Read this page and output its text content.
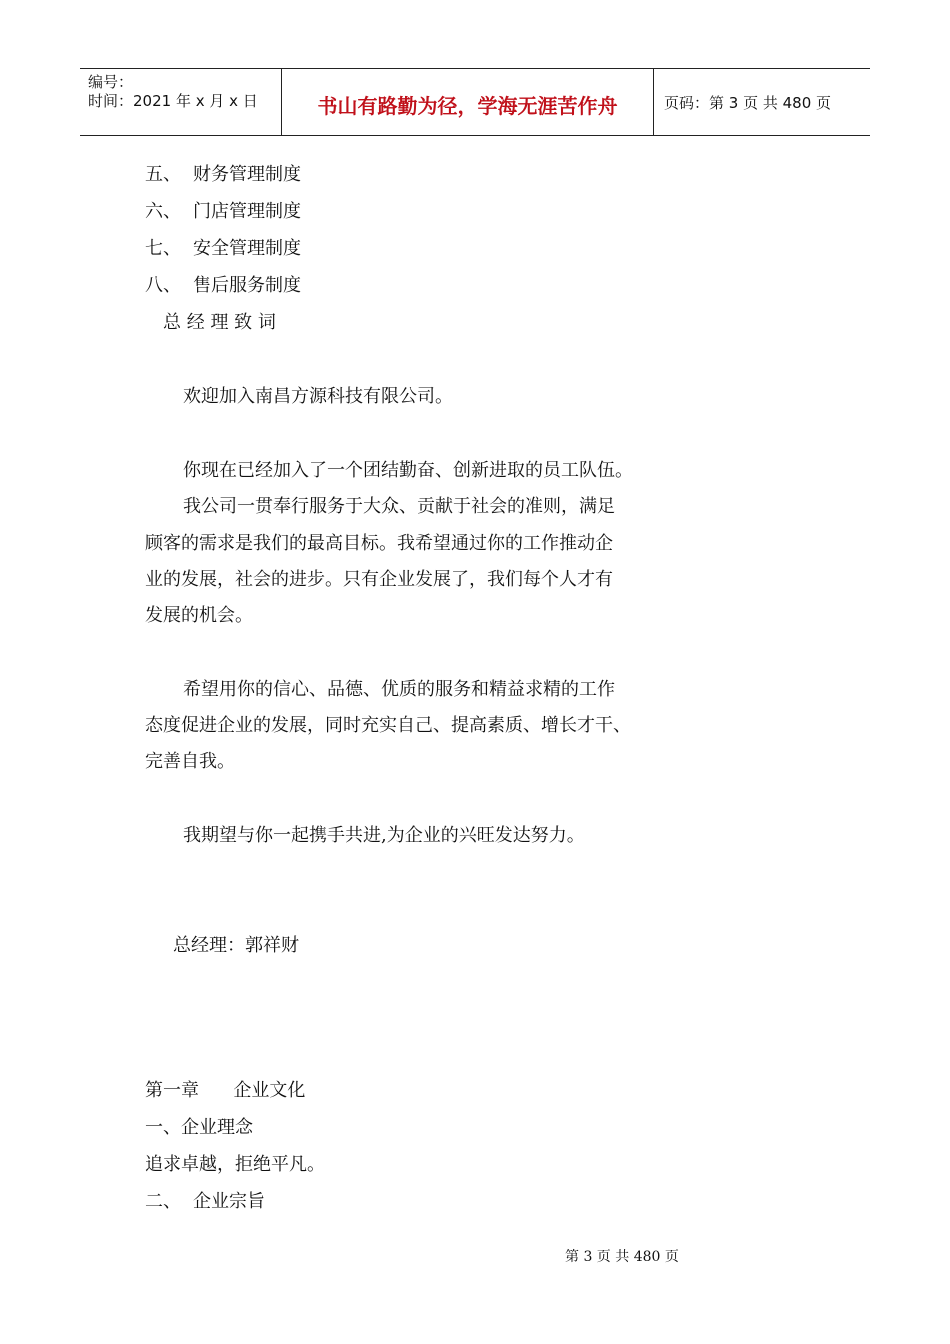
编号：
时间：2021 年 x 月 x 日	书山有路勤为径，学海无涯苦作舟	页码：第 3 页 共 480 页
五、 财务管理制度
六、 门店管理制度
七、 安全管理制度
八、 售后服务制度
总 经 理 致 词
欢迎加入南昌方源科技有限公司。
你现在已经加入了一个团结勤奋、创新进取的员工队伍。
我公司一贯奉行服务于大众、贡献于社会的准则，满足
顾客的需求是我们的最高目标。我希望通过你的工作推动企
业的发展，社会的进步。只有企业发展了，我们每个人才有
发展的机会。
希望用你的信心、品德、优质的服务和精益求精的工作
态度促进企业的发展，同时充实自己、提高素质、增长才干、
完善自我。
我期望与你一起携手共进,为企业的兴旺发达努力。
总经理：郭祥财
第一章      企业文化
一、企业理念
追求卓越，拒绝平凡。
二、 企业宗旨
第 3 页 共 480 页
